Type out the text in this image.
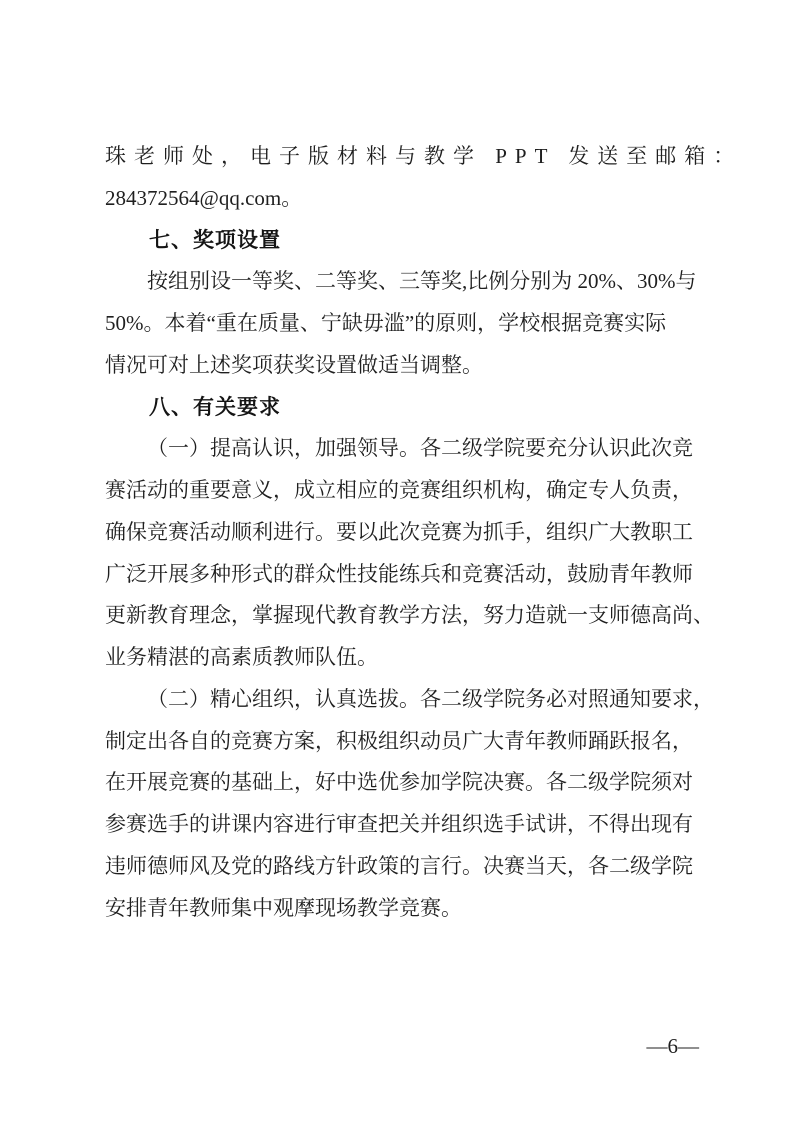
珠老师处，电子版材料与教学 PPT 发送至邮箱：
284372564@qq.com。
七、奖项设置
按组别设一等奖、二等奖、三等奖,比例分别为 20%、30%与
50%。本着“重在质量、宁缺毋滥”的原则，学校根据竞赛实际
情况可对上述奖项获奖设置做适当调整。
八、有关要求
（一）提高认识，加强领导。各二级学院要充分认识此次竞
赛活动的重要意义，成立相应的竞赛组织机构，确定专人负责，
确保竞赛活动顺利进行。要以此次竞赛为抓手，组织广大教职工
广泛开展多种形式的群众性技能练兵和竞赛活动，鼓励青年教师
更新教育理念，掌握现代教育教学方法，努力造就一支师德高尚、
业务精湛的高素质教师队伍。
（二）精心组织，认真选拔。各二级学院务必对照通知要求，
制定出各自的竞赛方案，积极组织动员广大青年教师踊跃报名，
在开展竞赛的基础上，好中选优参加学院决赛。各二级学院须对
参赛选手的讲课内容进行审查把关并组织选手试讲，不得出现有
违师德师风及党的路线方针政策的言行。决赛当天，各二级学院
安排青年教师集中观摩现场教学竞赛。
—6—
